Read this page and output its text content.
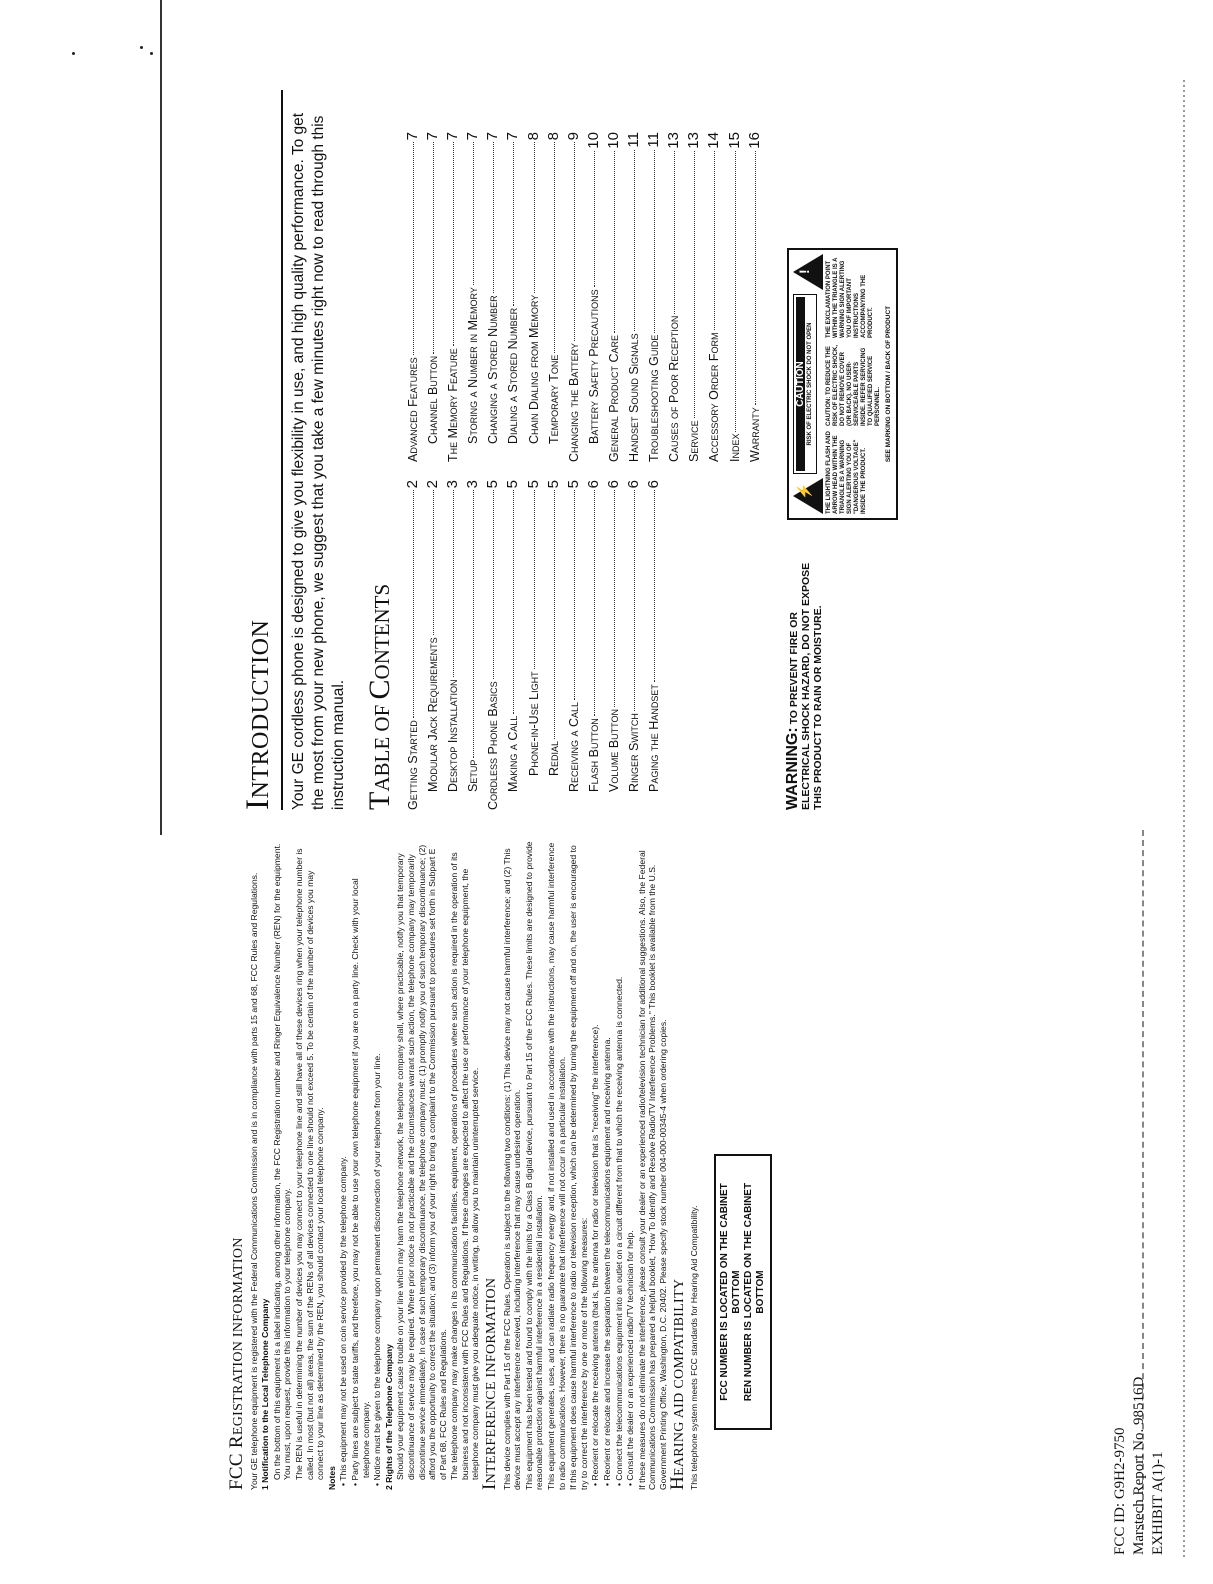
FCC REGISTRATION INFORMATION Your GE telephone equipment is registered with the Federal Communications Commission and is in compliance with parts 15 and 68, FCC Rules and Regulations. 1 Notification to the Local Telephone Company On the bottom of this equipment is a label indicating, among other information, the FCC Registration number and Ringer Equivalence Number (REN) for the equipment. You must, upon request, provide this information to your telephone company. The REN is useful in determining the number of devices you may connect to your telephone line and still have all of these devices ring when your telephone number is called. In most (but not all) areas, the sum of the RENs of all devices connected to one line should not exceed 5. To be certain of the number of devices you may connect to your line as determined by the REN, you should contact your local telephone company. Notes • This equipment may not be used on coin service provided by the telephone company.

• Party lines are subject to state tariffs, and therefore, you may not be able to use your own telephone equipment if you are on a party line. Check with your local telephone company.

• Notice must be given to the telephone company upon permanent disconnection of your telephone from your line. 2 Rights of the Telephone Company Should your equipment cause trouble on your line which may harm the telephone network, the telephone company shall, where practicable, notify you that temporary discontinuance of service may be required. Where prior notice is not practicable and the circumstances warrant such action, the telephone company may temporarily discontinue service immediately. In case of such temporary discontinuance, the telephone company must: (1) promptly notify you of such temporary discontinuance; (2) afford you the opportunity to correct the situation; and (3) inform you of your right to bring a complaint to the Commission pursuant to procedures set forth in Subpart E of Part 68, FCC Rules and Regulations. The telephone company may make changes in its communications facilities, equipment, operations of procedures where such action is required in the operation of its business and not inconsistent with FCC Rules and Regulations. If these changes are expected to affect the use or performance of your telephone equipment, the telephone company must give you adequate notice, in writing, to allow you to maintain uninterrupted service.

INTERFERENCE INFORMATION This device complies with Part 15 of the FCC Rules. Operation is subject to the following two conditions: (1) This device may not cause harmful interference; and (2) This device must accept any interference received, including interference that may cause undesired operation. This equipment has been tested and found to comply with the limits for a Class B digital device, pursuant to Part 15 of the FCC Rules. These limits are designed to provide reasonable protection against harmful interference in a residential installation. This equipment generates, uses, and can radiate radio frequency energy and, if not installed and used in accordance with the instructions, may cause harmful interference to radio communications. However, there is no guarantee that interference will not occur in a particular installation. If this equipment does cause harmful interference to radio or television reception, which can be determined by turning the equipment off and on, the user is encouraged to try to correct the interference by one or more of the following measures: • Reorient or relocate the receiving antenna (that is, the antenna for radio or television that is "receiving" the interference).

• Reorient or relocate and increase the separation between the telecommunications equipment and receiving antenna.

• Connect the telecommunications equipment into an outlet on a circuit different from that to which the receiving antenna is connected.

• Consult the dealer or an experienced radio/TV technician for help. If these measures do not eliminate the interference, please consult your dealer or an experienced radio/television technician for additional suggestions. Also, the Federal Communications Commission has prepared a helpful booklet, "How To Identify and Resolve Radio/TV Interference Problems." This booklet is available from the U.S. Government Printing Office, Washington, D.C. 20402. Please specify stock number 004-000-00345-4 when ordering copies.

HEARING AID COMPATIBILITY This telephone system meets FCC standards for Hearing Aid Compatibility. FCC NUMBER IS LOCATED ON THE CABINET BOTTOM REN NUMBER IS LOCATED ON THE CABINET BOTTOM
INTRODUCTION	Your GE cordless phone is designed to give you flexibility in use, and high quality performance. To get the most from your new phone, we suggest that you take a few minutes right now to read through this instruction manual. TABLE OF CONTENTS
Getting Started
2
Modular Jack Requirements
2
Desktop Installation
3
Setup
3
Cordless Phone Basics
5
Making a Call
5
Phone-in-Use Light
5
Redial
5
Receiving a Call
5
Flash Button
6
Volume Button
6
Ringer Switch
6
Paging the Handset
6
Advanced Features
7
Channel Button
7
The Memory Feature
7
Storing a Number in Memory
7
Changing a Stored Number
7
Dialing a Stored Number
7
Chain Dialing from Memory
8
Temporary Tone
8
Changing the Battery
9
Battery Safety Precautions
10
General Product Care
10
Handset Sound Signals
11
Troubleshooting Guide
11
Causes of Poor Reception
13
Service
13
Accessory Order Form
14
Index
15
Warranty
16
WARNING: TO PREVENT FIRE OR ELECTRICAL SHOCK HAZARD, DO NOT EXPOSE THIS PRODUCT TO RAIN OR MOISTURE.
⚡
CAUTION RISK OF ELECTRIC SHOCK DO NOT OPEN
!
THE LIGHTNING FLASH AND ARROW HEAD WITHIN THE TRIANGLE IS A WARNING SIGN ALERTING YOU OF "DANGEROUS VOLTAGE" INSIDE THE PRODUCT.
CAUTION: TO REDUCE THE RISK OF ELECTRIC SHOCK, DO NOT REMOVE COVER (OR BACK). NO USER-SERVICEABLE PARTS INSIDE. REFER SERVICING TO QUALIFIED SERVICE PERSONNEL.
THE EXCLAMATION POINT WITHIN THE TRIANGLE IS A WARNING SIGN ALERTING YOU OF IMPORTANT INSTRUCTIONS ACCOMPANYING THE PRODUCT. SEE MARKING ON BOTTOM / BACK OF PRODUCT
FCC ID: G9H2-9750 Marstech Report No. 98516D EXHIBIT A(1)-1
